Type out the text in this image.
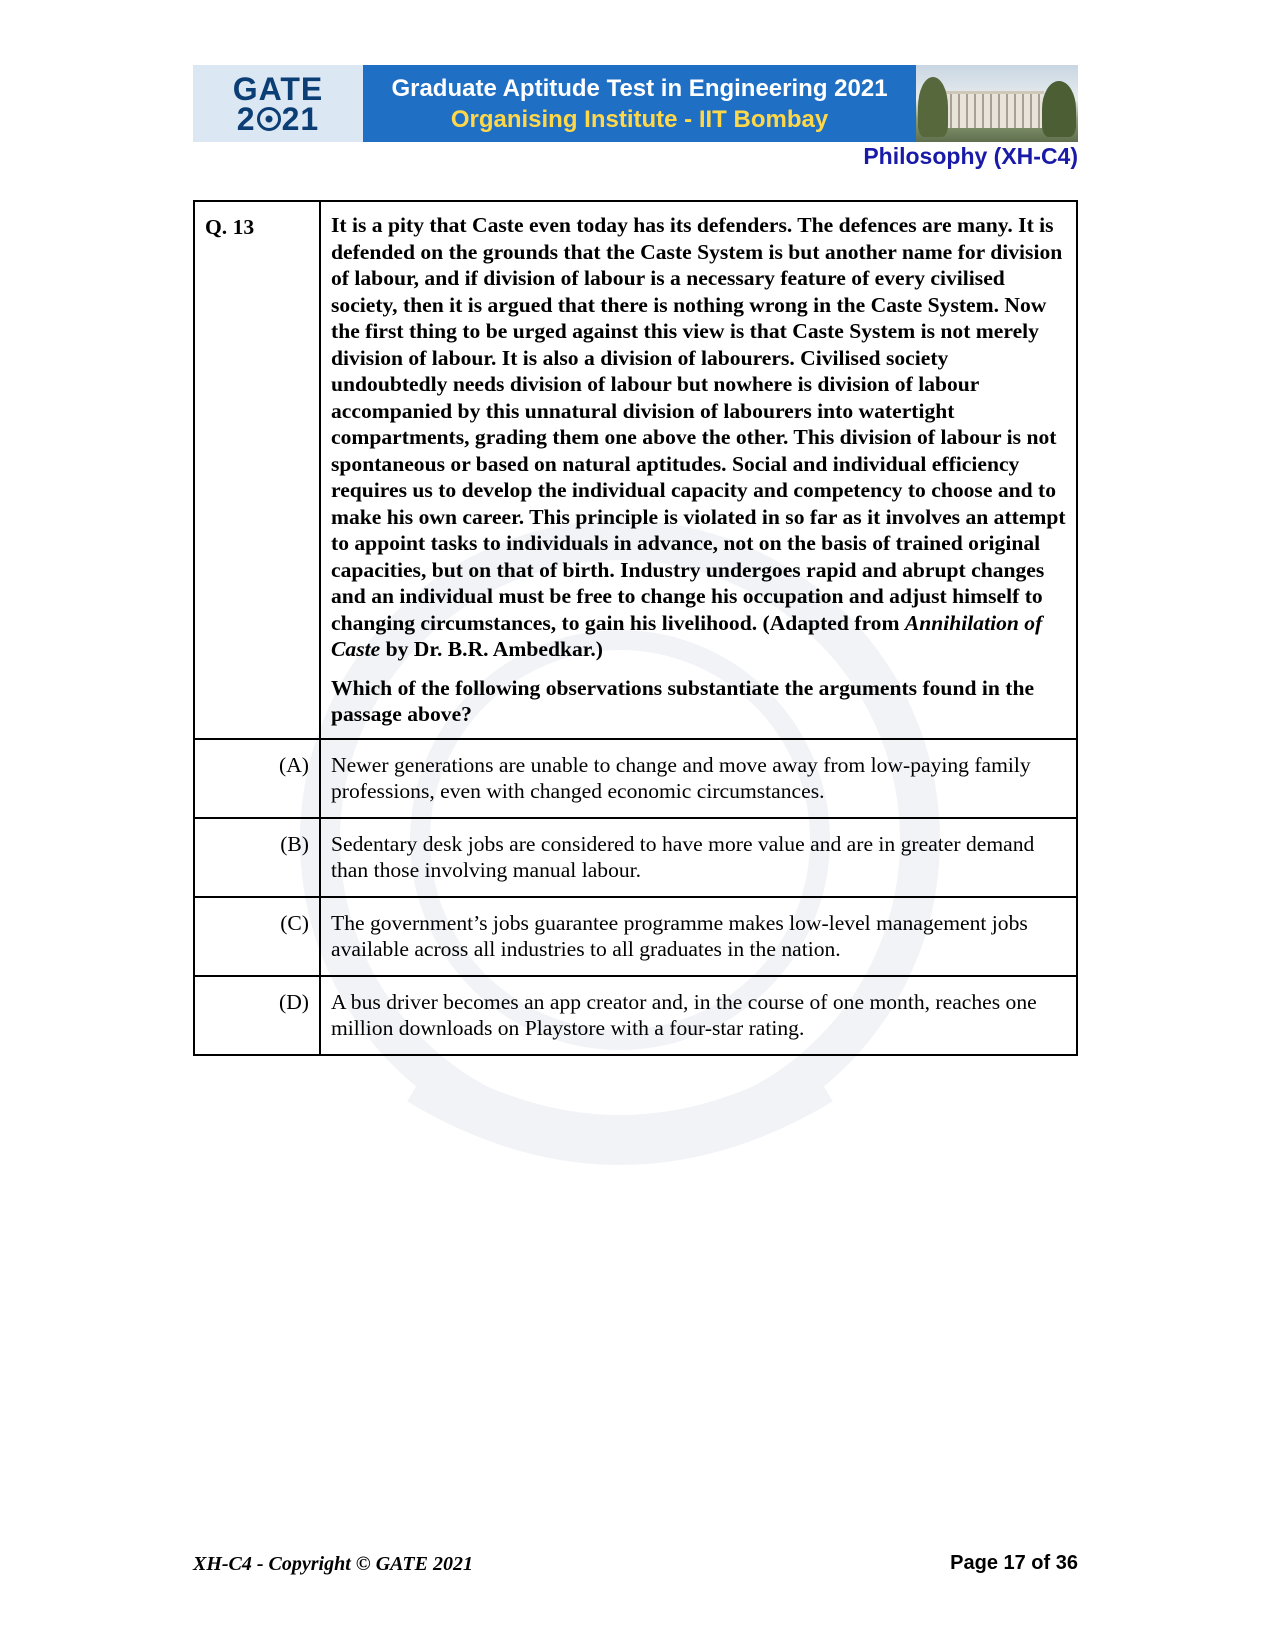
GATE
2 21
Graduate Aptitude Test in Engineering 2021
Organising Institute - IIT Bombay
Philosophy (XH-C4)
Q. 13	It is a pity that Caste even today has its defenders. The defences are many. It is defended on the grounds that the Caste System is but another name for division of labour, and if division of labour is a necessary feature of every civilised society, then it is argued that there is nothing wrong in the Caste System. Now the first thing to be urged against this view is that Caste System is not merely division of labour. It is also a division of labourers. Civilised society undoubtedly needs division of labour but nowhere is division of labour accompanied by this unnatural division of labourers into watertight compartments, grading them one above the other. This division of labour is not spontaneous or based on natural aptitudes. Social and individual efficiency requires us to develop the individual capacity and competency to choose and to make his own career. This principle is violated in so far as it involves an attempt to appoint tasks to individuals in advance, not on the basis of trained original capacities, but on that of birth. Industry undergoes rapid and abrupt changes and an individual must be free to change his occupation and adjust himself to changing circumstances, to gain his livelihood. (Adapted from Annihilation of Caste by Dr. B.R. Ambedkar.)

Which of the following observations substantiate the arguments found in the passage above?

(A)	Newer generations are unable to change and move away from low-paying family professions, even with changed economic circumstances.
(B)	Sedentary desk jobs are considered to have more value and are in greater demand than those involving manual labour.
(C)	The government’s jobs guarantee programme makes low-level management jobs available across all industries to all graduates in the nation.
(D)	A bus driver becomes an app creator and, in the course of one month, reaches one million downloads on Playstore with a four-star rating.
XH-C4 - Copyright © GATE 2021	Page 17 of 36
